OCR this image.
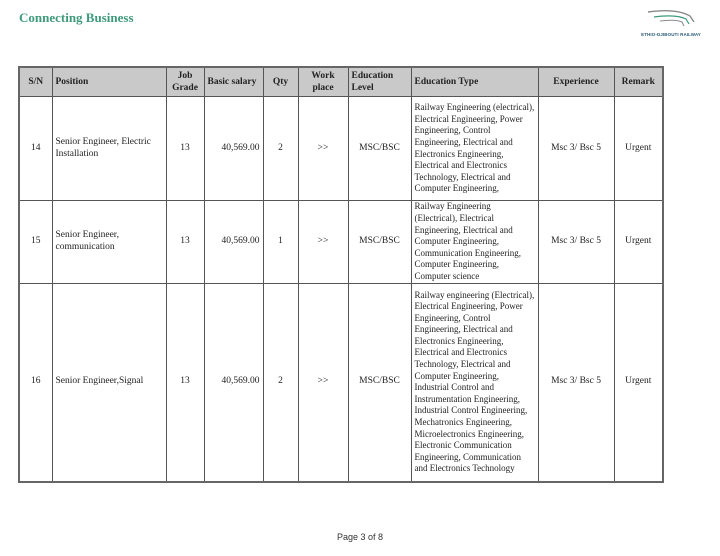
Connecting Business
ETHIO-DJIBOUTI RAILWAY
S/N	Position	Job Grade	Basic salary	Qty	Work place	Education Level	Education Type	Experience	Remark
14	Senior Engineer, Electric Installation	13	40,569.00	2	>>	MSC/BSC	Railway Engineering (electrical), Electrical Engineering, Power Engineering, Control Engineering, Electrical and Electronics Engineering, Electrical and Electronics Technology, Electrical and Computer Engineering,	Msc 3/ Bsc 5	Urgent
15	Senior Engineer, communication	13	40,569.00	1	>>	MSC/BSC	Railway Engineering (Electrical), Electrical Engineering, Electrical and Computer Engineering, Communication Engineering, Computer Engineering, Computer science	Msc 3/ Bsc 5	Urgent
16	Senior Engineer,Signal	13	40,569.00	2	>>	MSC/BSC	Railway engineering (Electrical), Electrical Engineering, Power Engineering, Control Engineering, Electrical and Electronics Engineering, Electrical and Electronics Technology, Electrical and Computer Engineering, Industrial Control and Instrumentation Engineering, Industrial Control Engineering, Mechatronics Engineering, Microelectronics Engineering, Electronic Communication Engineering, Communication and Electronics Technology	Msc 3/ Bsc 5	Urgent
Page 3 of 8
